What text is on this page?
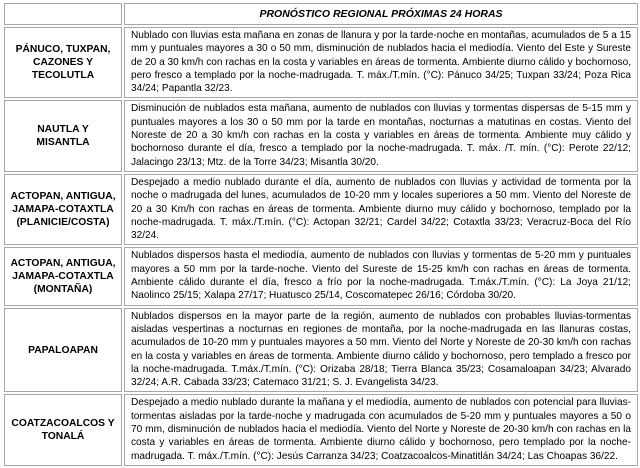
	PRONÓSTICO REGIONAL PRÓXIMAS 24 HORAS
PÁNUCO, TUXPAN, CAZONES Y TECOLUTLA	Nublado con lluvias esta mañana en zonas de llanura y por la tarde-noche en montañas, acumulados de 5 a 15 mm y puntuales mayores a 30 o 50 mm, disminución de nublados hacia el mediodía. Viento del Este y Sureste de 20 a 30 km/h con rachas en la costa y variables en áreas de tormenta. Ambiente diurno cálido y bochornoso, pero fresco a templado por la noche-madrugada. T. máx./T.mín. (°C): Pánuco 34/25; Tuxpan 33/24; Poza Rica 34/24; Papantla 32/23.
NAUTLA Y MISANTLA	Disminución de nublados esta mañana, aumento de nublados con lluvias y tormentas dispersas de 5-15 mm y puntuales mayores a los 30 o 50 mm por la tarde en montañas, nocturnas a matutinas en costas. Viento del Noreste de 20 a 30 km/h con rachas en la costa y variables en áreas de tormenta. Ambiente muy cálido y bochornoso durante el día, fresco a templado por la noche-madrugada. T. máx. /T. mín. (°C): Perote 22/12; Jalacingo 23/13; Mtz. de la Torre 34/23; Misantla 30/20.
ACTOPAN, ANTIGUA, JAMAPA-COTAXTLA (PLANICIE/COSTA)	Despejado a medio nublado durante el día, aumento de nublados con lluvias y actividad de tormenta por la noche o madrugada del lunes, acumulados de 10-20 mm y locales superiores a 50 mm. Viento del Noreste de 20 a 30 Km/h con rachas en áreas de tormenta. Ambiente diurno muy cálido y bochornoso, templado por la noche-madrugada. T. máx./T.mín. (°C): Actopan 32/21; Cardel 34/22; Cotaxtla 33/23; Veracruz-Boca del Río 32/24.
ACTOPAN, ANTIGUA, JAMAPA-COTAXTLA (MONTAÑA)	Nublados dispersos hasta el mediodía, aumento de nublados con lluvias y tormentas de 5-20 mm y puntuales mayores a 50 mm por la tarde-noche. Viento del Sureste de 15-25 km/h con rachas en áreas de tormenta. Ambiente cálido durante el día, fresco a frío por la noche-madrugada. T.máx./T.mín. (°C): La Joya 21/12; Naolinco 25/15; Xalapa 27/17; Huatusco 25/14, Coscomatepec 26/16; Córdoba 30/20.
PAPALOAPAN	Nublados dispersos en la mayor parte de la región, aumento de nublados con probables lluvias-tormentas aisladas vespertinas a nocturnas en regiones de montaña, por la noche-madrugada en las llanuras costas, acumulados de 10-20 mm y puntuales mayores a 50 mm. Viento del Norte y Noreste de 20-30 km/h con rachas en la costa y variables en áreas de tormenta. Ambiente diurno cálido y bochornoso, pero templado a fresco por la noche-madrugada. T.máx./T.mín. (°C): Orizaba 28/18; Tierra Blanca 35/23; Cosamaloapan 34/23; Alvarado 32/24; A.R. Cabada 33/23; Catemaco 31/21; S. J. Evangelista 34/23.
COATZACOALCOS Y TONALÁ	Despejado a medio nublado durante la mañana y el mediodía, aumento de nublados con potencial para lluvias-tormentas aisladas por la tarde-noche y madrugada con acumulados de 5-20 mm y puntuales mayores a 50 o 70 mm, disminución de nublados hacia el mediodía. Viento del Norte y Noreste de 20-30 km/h con rachas en la costa y variables en áreas de tormenta. Ambiente diurno cálido y bochornoso, pero templado por la noche-madrugada. T. máx./T.mín. (°C): Jesús Carranza 34/23; Coatzacoalcos-Minatitlán 34/24; Las Choapas 36/22.
